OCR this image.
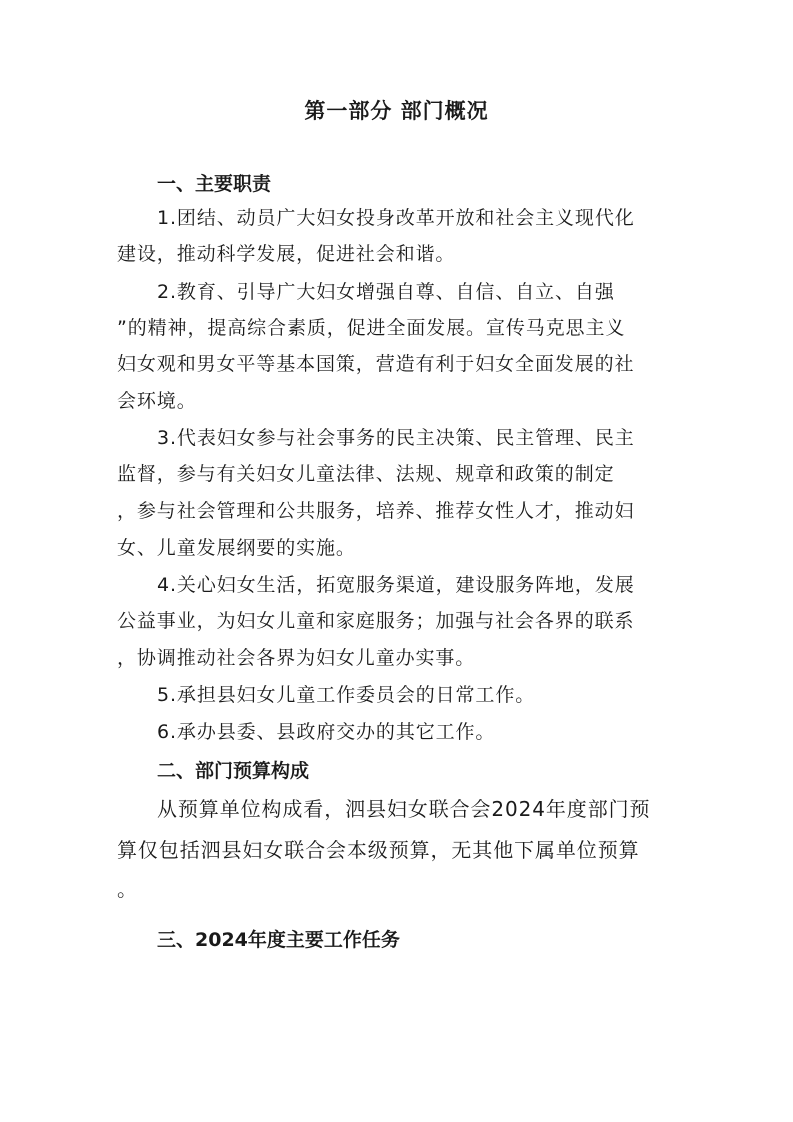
第一部分 部门概况
一、主要职责
1.团结、动员广大妇女投身改革开放和社会主义现代化
建设，推动科学发展，促进社会和谐。
2.教育、引导广大妇女增强自尊、自信、自立、自强
”的精神，提高综合素质，促进全面发展。宣传马克思主义
妇女观和男女平等基本国策，营造有利于妇女全面发展的社
会环境。
3.代表妇女参与社会事务的民主决策、民主管理、民主
监督，参与有关妇女儿童法律、法规、规章和政策的制定
，参与社会管理和公共服务，培养、推荐女性人才，推动妇
女、儿童发展纲要的实施。
4.关心妇女生活，拓宽服务渠道，建设服务阵地，发展
公益事业，为妇女儿童和家庭服务；加强与社会各界的联系
，协调推动社会各界为妇女儿童办实事。
5.承担县妇女儿童工作委员会的日常工作。
6.承办县委、县政府交办的其它工作。
二、部门预算构成
从预算单位构成看，泗县妇女联合会2024年度部门预
算仅包括泗县妇女联合会本级预算，无其他下属单位预算
。
三、2024年度主要工作任务
